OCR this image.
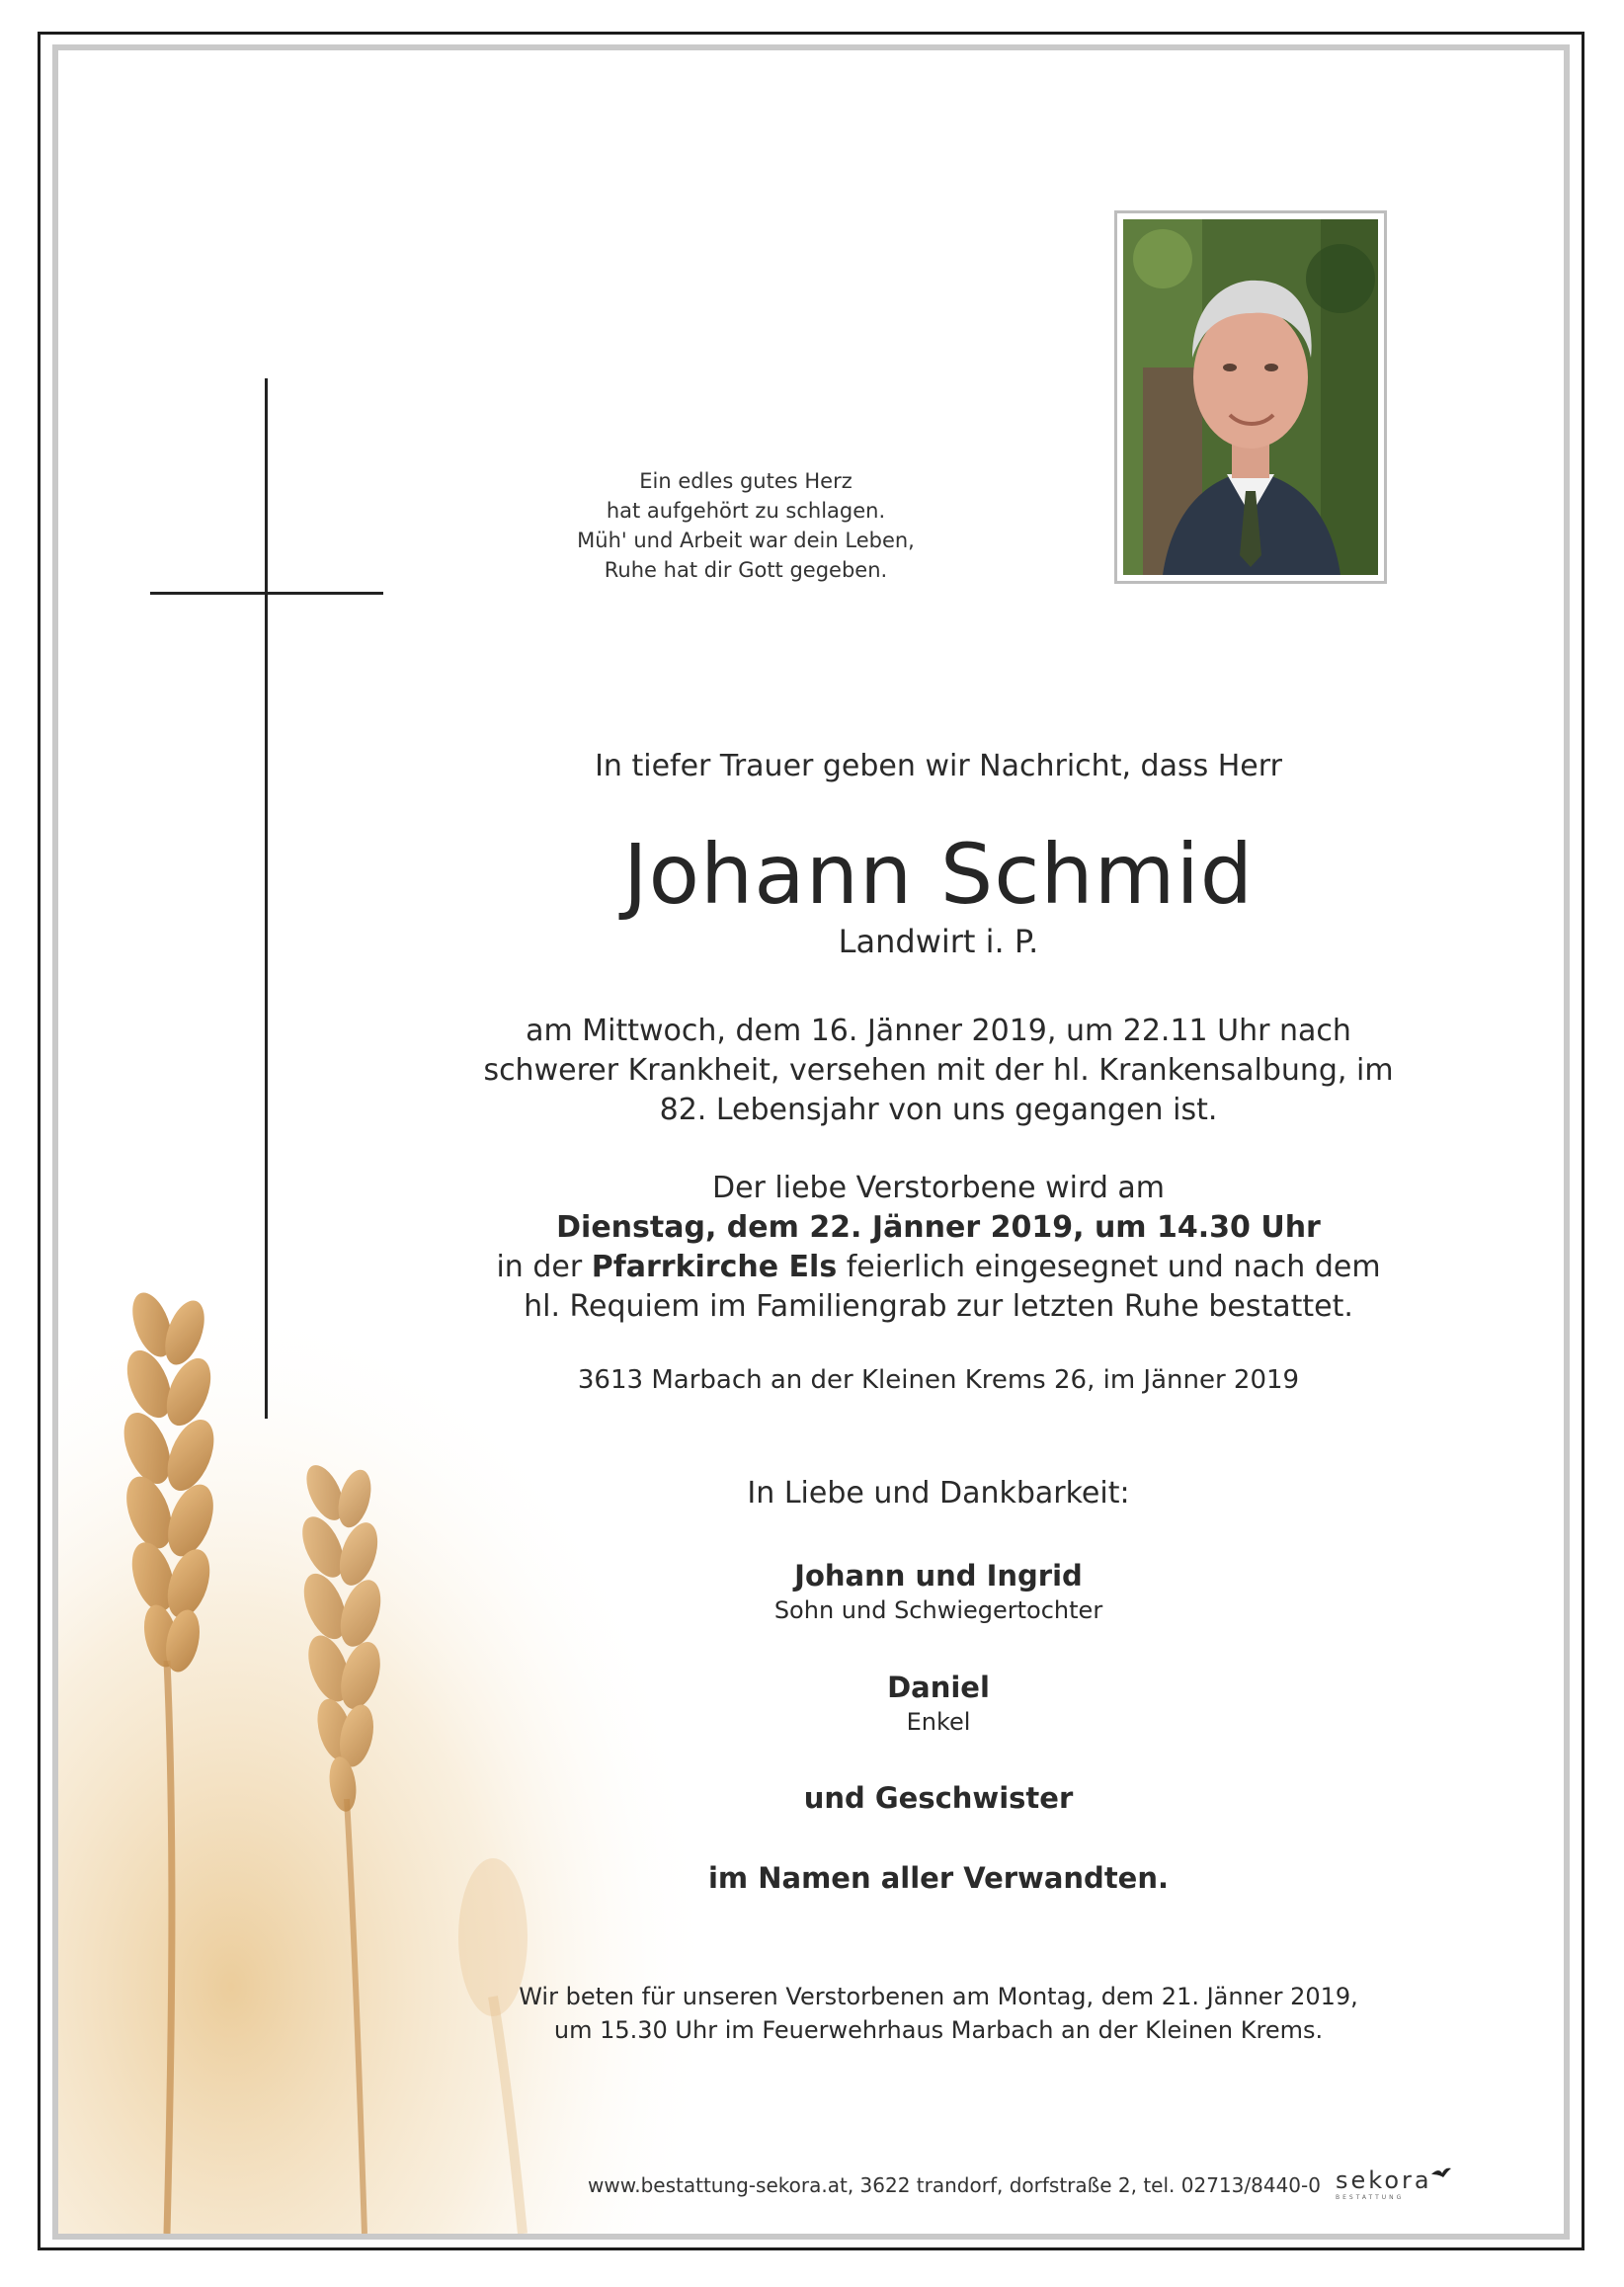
Ein edles gutes Herz
hat aufgehört zu schlagen.
Müh' und Arbeit war dein Leben,
Ruhe hat dir Gott gegeben.
In tiefer Trauer geben wir Nachricht, dass Herr
Johann Schmid
Landwirt i. P.
am Mittwoch, dem 16. Jänner 2019, um 22.11 Uhr nach
schwerer Krankheit, versehen mit der hl. Krankensalbung, im
82. Lebensjahr von uns gegangen ist.
Der liebe Verstorbene wird am
Dienstag, dem 22. Jänner 2019, um 14.30 Uhr
in der Pfarrkirche Els feierlich eingesegnet und nach dem
hl. Requiem im Familiengrab zur letzten Ruhe bestattet.
3613 Marbach an der Kleinen Krems 26, im Jänner 2019
In Liebe und Dankbarkeit:
Johann und Ingrid
Sohn und Schwiegertochter
Daniel
Enkel
und Geschwister
im Namen aller Verwandten.
Wir beten für unseren Verstorbenen am Montag, dem 21. Jänner 2019,
um 15.30 Uhr im Feuerwehrhaus Marbach an der Kleinen Krems.
www.bestattung-sekora.at, 3622 trandorf, dorfstraße 2, tel. 02713/8440-0 sekora
BESTATTUNG
